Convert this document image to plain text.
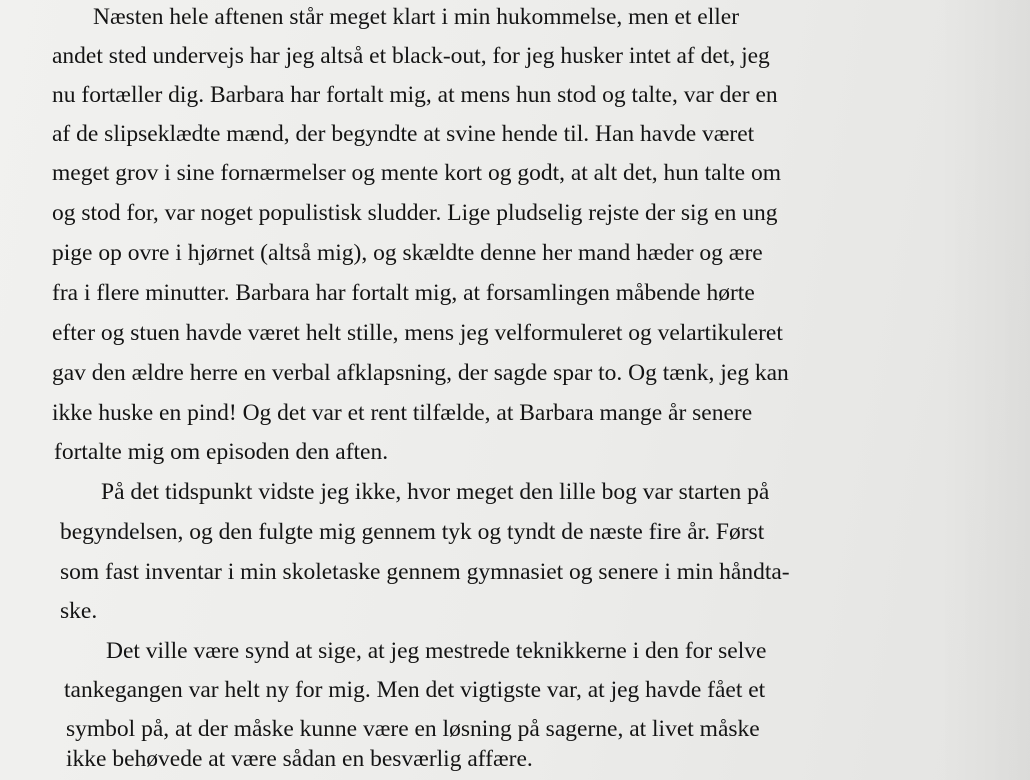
Næsten hele aftenen står meget klart i min hukommelse, men et eller

andet sted undervejs har jeg altså et black-out, for jeg husker intet af det, jeg

nu fortæller dig. Barbara har fortalt mig, at mens hun stod og talte, var der en

af de slipseklædte mænd, der begyndte at svine hende til. Han havde været

meget grov i sine fornærmelser og mente kort og godt, at alt det, hun talte om

og stod for, var noget populistisk sludder. Lige pludselig rejste der sig en ung

pige op ovre i hjørnet (altså mig), og skældte denne her mand hæder og ære

fra i flere minutter. Barbara har fortalt mig, at forsamlingen måbende hørte

efter og stuen havde været helt stille, mens jeg velformuleret og velartikuleret

gav den ældre herre en verbal afklapsning, der sagde spar to. Og tænk, jeg kan

ikke huske en pind! Og det var et rent tilfælde, at Barbara mange år senere

fortalte mig om episoden den aften.

På det tidspunkt vidste jeg ikke, hvor meget den lille bog var starten på

begyndelsen, og den fulgte mig gennem tyk og tyndt de næste fire år. Først

som fast inventar i min skoletaske gennem gymnasiet og senere i min håndta-

ske.

Det ville være synd at sige, at jeg mestrede teknikkerne i den for selve

tankegangen var helt ny for mig. Men det vigtigste var, at jeg havde fået et

symbol på, at der måske kunne være en løsning på sagerne, at livet måske

ikke behøvede at være sådan en besværlig affære.
